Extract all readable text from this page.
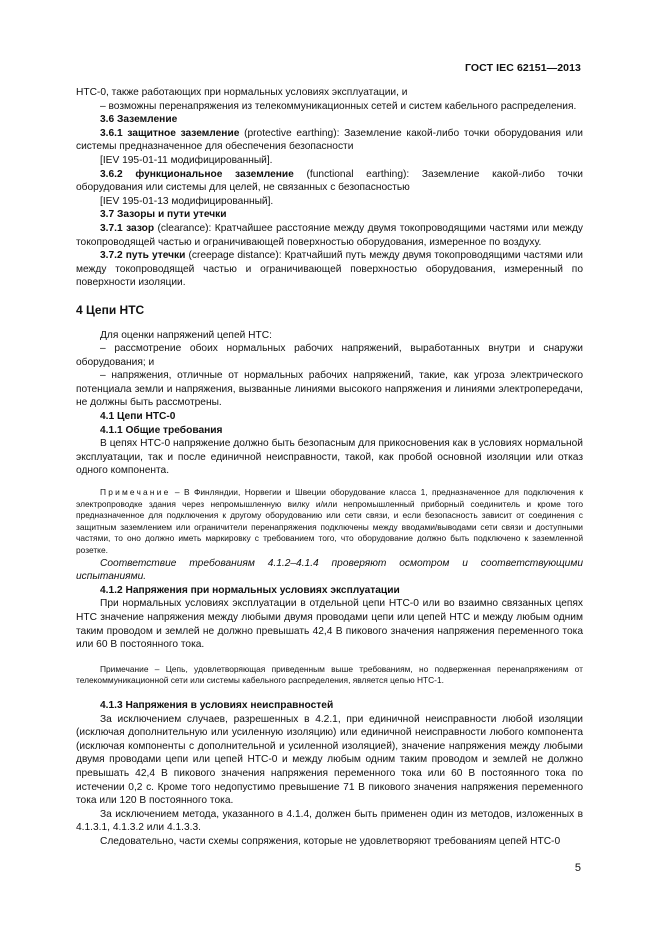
ГОСТ IEC 62151—2013

НТС-0, также работающих при нормальных условиях эксплуатации, и

– возможны перенапряжения из телекоммуникационных сетей и систем кабельного распределения.

3.6 Заземление

3.6.1 защитное заземление (protective earthing): Заземление какой-либо точки оборудования или системы предназначенное для обеспечения безопасности

[IEV 195-01-11 модифицированный].

3.6.2 функциональное заземление (functional earthing): Заземление какой-либо точки оборудования или системы для целей, не связанных с безопасностью

[IEV 195-01-13 модифицированный].

3.7 Зазоры и пути утечки

3.7.1 зазор (clearance): Кратчайшее расстояние между двумя токопроводящими частями или между токопроводящей частью и ограничивающей поверхностью оборудования, измеренное по воздуху.

3.7.2 путь утечки (creepage distance): Кратчайший путь между двумя токопроводящими частями или между токопроводящей частью и ограничивающей поверхностью оборудования, измеренный по поверхности изоляции.

4 Цепи НТС

Для оценки напряжений цепей НТС:

– рассмотрение обоих нормальных рабочих напряжений, выработанных внутри и снаружи оборудования; и

– напряжения, отличные от нормальных рабочих напряжений, такие, как угроза электрического потенциала земли и напряжения, вызванные линиями высокого напряжения и линиями электропередачи, не должны быть рассмотрены.

4.1 Цепи НТС-0

4.1.1 Общие требования

В цепях НТС-0 напряжение должно быть безопасным для прикосновения как в условиях нормальной эксплуатации, так и после единичной неисправности, такой, как пробой основной изоляции или отказ одного компонента.

Примечание – В Финляндии, Норвегии и Швеции оборудование класса 1, предназначенное для подключения к электропроводке здания через непромышленную вилку и/или непромышленный приборный соединитель и кроме того предназначенное для подключения к другому оборудованию или сети связи, и если безопасность зависит от соединения с защитным заземлением или ограничители перенапряжения подключены между вводами/выводами сети связи и доступными частями, то оно должно иметь маркировку с требованием того, что оборудование должно быть подключено к заземленной розетке.

Соответствие требованиям 4.1.2–4.1.4 проверяют осмотром и соответствующими испытаниями.

4.1.2 Напряжения при нормальных условиях эксплуатации

При нормальных условиях эксплуатации в отдельной цепи НТС-0 или во взаимно связанных цепях НТС значение напряжения между любыми двумя проводами цепи или цепей НТС и между любым одним таким проводом и землей не должно превышать 42,4 В пикового значения напряжения переменного тока или 60 В постоянного тока.

Примечание – Цепь, удовлетворяющая приведенным выше требованиям, но подверженная перенапряжениям от телекоммуникационной сети или системы кабельного распределения, является цепью НТС-1.

4.1.3 Напряжения в условиях неисправностей

За исключением случаев, разрешенных в 4.2.1, при единичной неисправности любой изоляции (исключая дополнительную или усиленную изоляцию) или единичной неисправности любого компонента (исключая компоненты с дополнительной и усиленной изоляцией), значение напряжения между любыми двумя проводами цепи или цепей НТС-0 и между любым одним таким проводом и землей не должно превышать 42,4 В пикового значения напряжения переменного тока или 60 В постоянного тока по истечении 0,2 с. Кроме того недопустимо превышение 71 В пикового значения напряжения переменного тока или 120 В постоянного тока.

За исключением метода, указанного в 4.1.4, должен быть применен один из методов, изложенных в 4.1.3.1, 4.1.3.2 или 4.1.3.3.

Следовательно, части схемы сопряжения, которые не удовлетворяют требованиям цепей НТС-0

5
